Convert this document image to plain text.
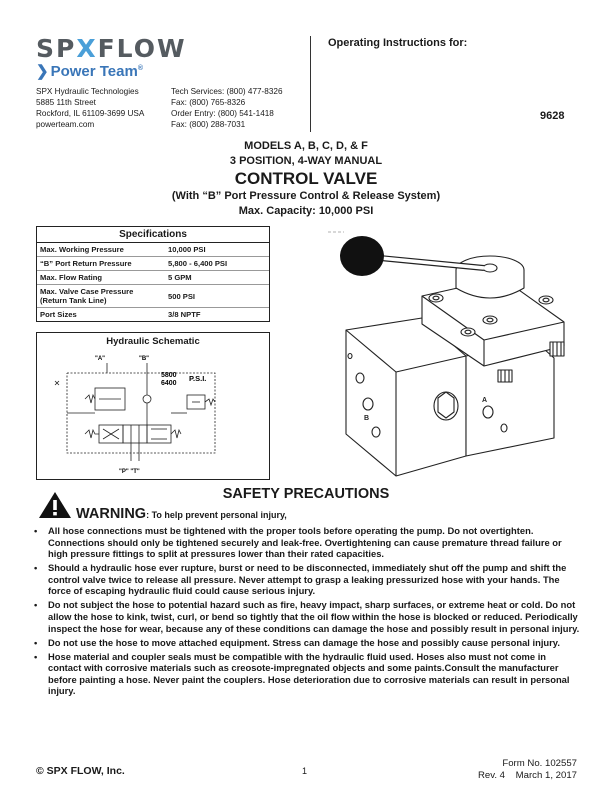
SPXFLOW
❯ Power Team®
SPX Hydraulic Technologies
5885 11th Street
Rockford, IL 61109-3699 USA
powerteam.com
Tech Services: (800) 477-8326
Fax: (800) 765-8326
Order Entry: (800) 541-1418
Fax: (800) 288-7031
Operating Instructions for:
9628
MODELS A, B, C, D, & F
3 POSITION, 4-WAY MANUAL
CONTROL VALVE
(With “B” Port Pressure Control & Release System)
Max. Capacity: 10,000 PSI
Specifications
Max. Working Pressure	10,000 PSI
“B” Port Return Pressure	5,800 - 6,400 PSI
Max. Flow Rating	5 GPM
Max. Valve Case Pressure (Return Tank Line)	500 PSI
Port Sizes	3/8 NPTF
Hydraulic Schematic
"A"	"B"
5800
6400
P.S.I.
"P" "T"
B
A
SAFETY PRECAUTIONS
WARNING: To help prevent personal injury,
• All hose connections must be tightened with the proper tools before operating the pump. Do not overtighten. Connections should only be tightened securely and leak-free. Overtightening can cause premature thread failure or high pressure fittings to split at pressures lower than their rated capacities.
• Should a hydraulic hose ever rupture, burst or need to be disconnected, immediately shut off the pump and shift the control valve twice to release all pressure. Never attempt to grasp a leaking pressurized hose with your hands. The force of escaping hydraulic fluid could cause serious injury.
• Do not subject the hose to potential hazard such as fire, heavy impact, sharp surfaces, or extreme heat or cold. Do not allow the hose to kink, twist, curl, or bend so tightly that the oil flow within the hose is blocked or reduced. Periodically inspect the hose for wear, because any of these conditions can damage the hose and possibly result in personal injury.
• Do not use the hose to move attached equipment. Stress can damage the hose and possibly cause personal injury.
• Hose material and coupler seals must be compatible with the hydraulic fluid used. Hoses also must not come in contact with corrosive materials such as creosote-impregnated objects and some paints.Consult the manufacturer before painting a hose. Never paint the couplers. Hose deterioration due to corrosive materials can result in personal injury.
© SPX FLOW, Inc.	1
Form No. 102557
Rev. 4    March 1, 2017
